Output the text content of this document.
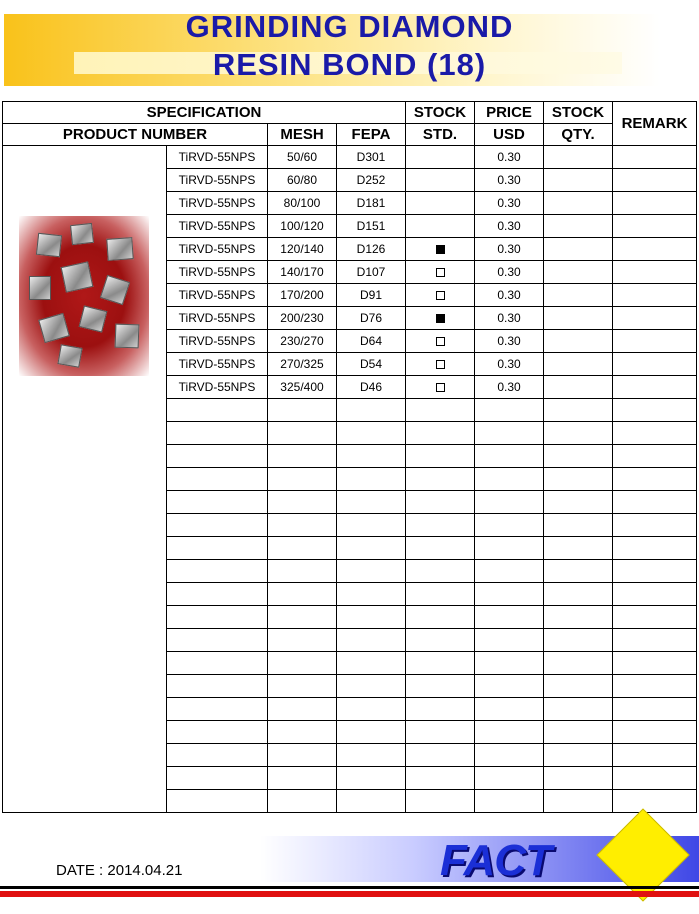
GRINDING DIAMOND
RESIN BOND (18)
SPECIFICATION				STOCK	PRICE	STOCK	REMARK
PRODUCT NUMBER		MESH	FEPA	STD.	USD	QTY.	

	TiRVD-55NPS	50/60	D301		0.30		
	TiRVD-55NPS	60/80	D252		0.30		
	TiRVD-55NPS	80/100	D181		0.30		
	TiRVD-55NPS	100/120	D151		0.30		
	TiRVD-55NPS	120/140	D126		0.30		
	TiRVD-55NPS	140/170	D107		0.30		
	TiRVD-55NPS	170/200	D91		0.30		
	TiRVD-55NPS	200/230	D76		0.30		
	TiRVD-55NPS	230/270	D64		0.30		
	TiRVD-55NPS	270/325	D54		0.30		
	TiRVD-55NPS	325/400	D46		0.30		

DATE : 2014.04.21	FACT
